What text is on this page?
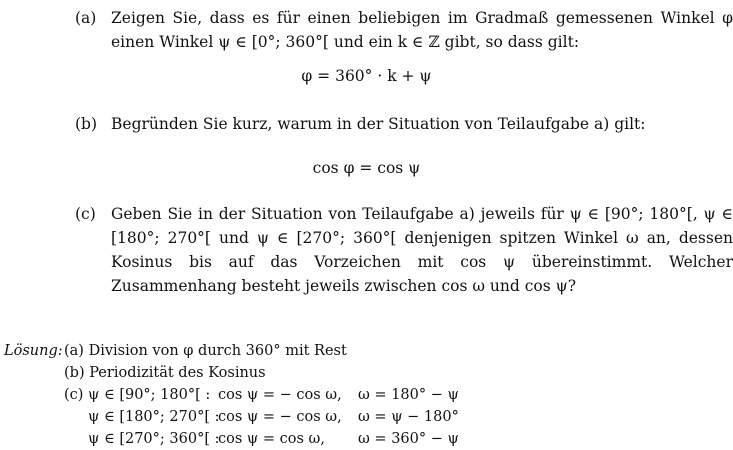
(a) Zeigen Sie, dass es für einen beliebigen im Gradmaß gemessenen Winkel φ einen Winkel ψ ∈ [0°; 360°[ und ein k ∈ ℤ gibt, so dass gilt:
φ = 360° · k + ψ
(b) Begründen Sie kurz, warum in der Situation von Teilaufgabe a) gilt:
cos φ = cos ψ
(c) Geben Sie in der Situation von Teilaufgabe a) jeweils für ψ ∈ [90°; 180°[, ψ ∈ [180°; 270°[ und ψ ∈ [270°; 360°[ denjenigen spitzen Winkel ω an, dessen Kosinus bis auf das Vorzeichen mit cos ψ übereinstimmt. Welcher Zusammenhang besteht jeweils zwischen cos ω und cos ψ?
Lösung: (a) Division von φ durch 360° mit Rest
(b) Periodizität des Kosinus
(c) ψ ∈ [90°; 180°[ : cos ψ = − cos ω, ω = 180° − ψ
ψ ∈ [180°; 270°[ :
cos ψ = − cos ω, ω = ψ − 180°
ψ ∈ [270°; 360°[ :
cos ψ = cos ω, ω = 360° − ψ
